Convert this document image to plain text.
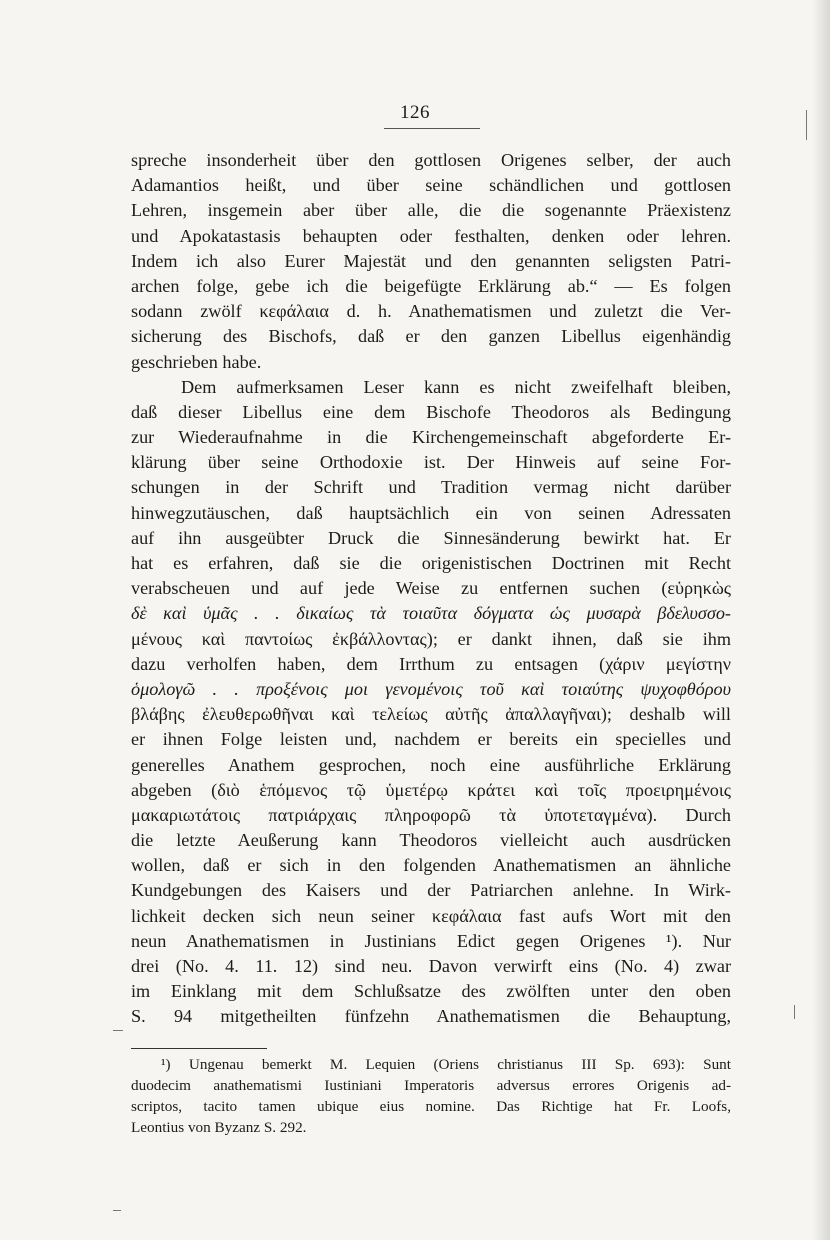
126
spreche insonderheit über den gottlosen Origenes selber, der auch
Adamantios heißt, und über seine schändlichen und gottlosen
Lehren, insgemein aber über alle, die die sogenannte Präexistenz
und Apokatastasis behaupten oder festhalten, denken oder lehren.
Indem ich also Eurer Majestät und den genannten seligsten Patri-
archen folge, gebe ich die beigefügte Erklärung ab.“ — Es folgen
sodann zwölf κεφάλαια d. h. Anathematismen und zuletzt die Ver-
sicherung des Bischofs, daß er den ganzen Libellus eigenhändig
geschrieben habe.
Dem aufmerksamen Leser kann es nicht zweifelhaft bleiben,
daß dieser Libellus eine dem Bischofe Theodoros als Bedingung
zur Wiederaufnahme in die Kirchengemeinschaft abgeforderte Er-
klärung über seine Orthodoxie ist. Der Hinweis auf seine For-
schungen in der Schrift und Tradition vermag nicht darüber
hinwegzutäuschen, daß hauptsächlich ein von seinen Adressaten
auf ihn ausgeübter Druck die Sinnesänderung bewirkt hat. Er
hat es erfahren, daß sie die origenistischen Doctrinen mit Recht
verabscheuen und auf jede Weise zu entfernen suchen (εὑρηκὼς
δὲ καὶ ὑμᾶς . . δικαίως τὰ τοιαῦτα δόγματα ὡς μυσαρὰ βδελυσσο-
μένους καὶ παντοίως ἐκβάλλοντας); er dankt ihnen, daß sie ihm
dazu verholfen haben, dem Irrthum zu entsagen (χάριν μεγίστην
ὁμολογῶ . . προξένοις μοι γενομένοις τοῦ καὶ τοιαύτης ψυχοφθόρου
βλάβης ἐλευθερωθῆναι καὶ τελείως αὐτῆς ἀπαλλαγῆναι); deshalb will
er ihnen Folge leisten und, nachdem er bereits ein specielles und
generelles Anathem gesprochen, noch eine ausführliche Erklärung
abgeben (διὸ ἑπόμενος τῷ ὑμετέρῳ κράτει καὶ τοῖς προειρημένοις
μακαριωτάτοις πατριάρχαις πληροφορῶ τὰ ὑποτεταγμένα). Durch
die letzte Aeußerung kann Theodoros vielleicht auch ausdrücken
wollen, daß er sich in den folgenden Anathematismen an ähnliche
Kundgebungen des Kaisers und der Patriarchen anlehne. In Wirk-
lichkeit decken sich neun seiner κεφάλαια fast aufs Wort mit den
neun Anathematismen in Justinians Edict gegen Origenes ¹). Nur
drei (No. 4. 11. 12) sind neu. Davon verwirft eins (No. 4) zwar
im Einklang mit dem Schlußsatze des zwölften unter den oben
S. 94 mitgetheilten fünfzehn Anathematismen die Behauptung,
¹) Ungenau bemerkt M. Lequien (Oriens christianus III Sp. 693): Sunt
duodecim anathematismi Iustiniani Imperatoris adversus errores Origenis ad-
scriptos, tacito tamen ubique eius nomine. Das Richtige hat Fr. Loofs,
Leontius von Byzanz S. 292.
